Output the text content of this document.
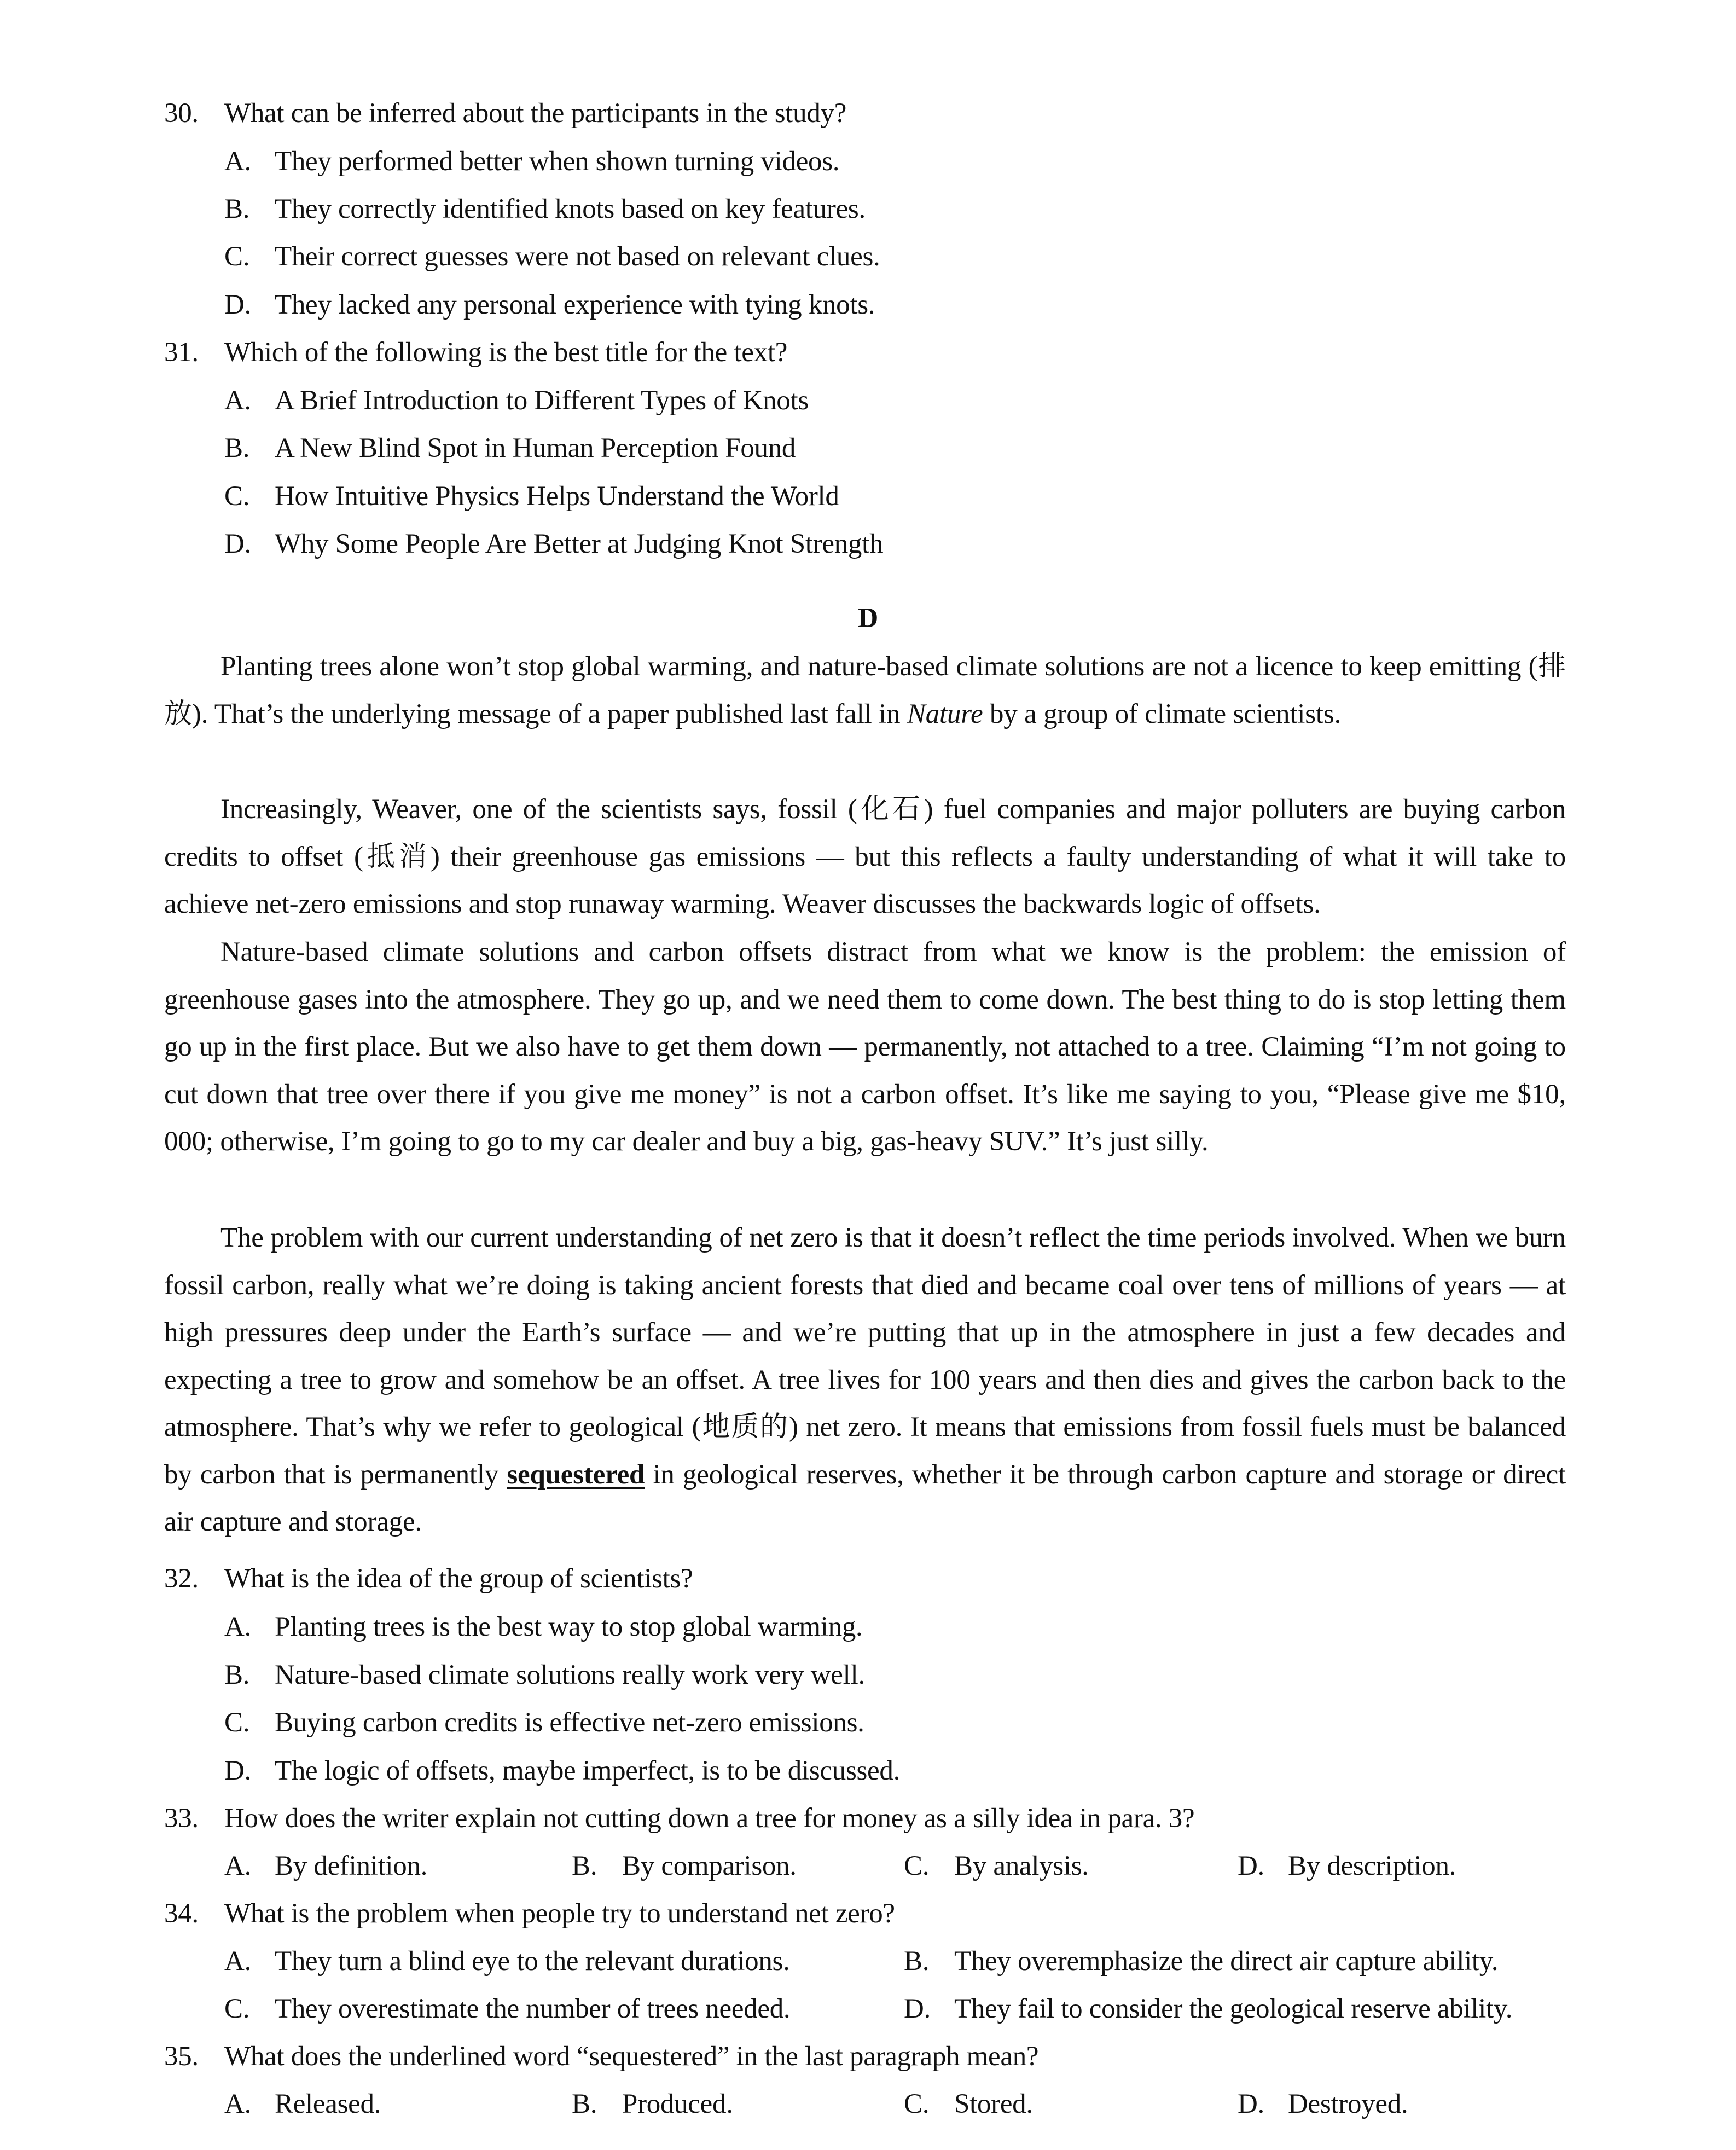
30. What can be inferred about the participants in the study?
A. They performed better when shown turning videos.
B. They correctly identified knots based on key features.
C. Their correct guesses were not based on relevant clues.
D. They lacked any personal experience with tying knots.
31. Which of the following is the best title for the text?
A. A Brief Introduction to Different Types of Knots
B. A New Blind Spot in Human Perception Found
C. How Intuitive Physics Helps Understand the World
D. Why Some People Are Better at Judging Knot Strength
D
Planting trees alone won’t stop global warming, and nature-based climate solutions are not a licence to keep emitting (排放). That’s the underlying message of a paper published last fall in Nature by a group of climate scientists.
Increasingly, Weaver, one of the scientists says, fossil (化石) fuel companies and major polluters are buying carbon credits to offset (抵消) their greenhouse gas emissions — but this reflects a faulty understanding of what it will take to achieve net-zero emissions and stop runaway warming. Weaver discusses the backwards logic of offsets.
Nature-based climate solutions and carbon offsets distract from what we know is the problem: the emission of greenhouse gases into the atmosphere. They go up, and we need them to come down. The best thing to do is stop letting them go up in the first place. But we also have to get them down — permanently, not attached to a tree. Claiming “I’m not going to cut down that tree over there if you give me money” is not a carbon offset. It’s like me saying to you, “Please give me $10, 000; otherwise, I’m going to go to my car dealer and buy a big, gas-heavy SUV.” It’s just silly.
The problem with our current understanding of net zero is that it doesn’t reflect the time periods involved. When we burn fossil carbon, really what we’re doing is taking ancient forests that died and became coal over tens of millions of years — at high pressures deep under the Earth’s surface — and we’re putting that up in the atmosphere in just a few decades and expecting a tree to grow and somehow be an offset. A tree lives for 100 years and then dies and gives the carbon back to the atmosphere. That’s why we refer to geological (地质的) net zero. It means that emissions from fossil fuels must be balanced by carbon that is permanently sequestered in geological reserves, whether it be through carbon capture and storage or direct air capture and storage.
32. What is the idea of the group of scientists?
A. Planting trees is the best way to stop global warming.
B. Nature-based climate solutions really work very well.
C. Buying carbon credits is effective net-zero emissions.
D. The logic of offsets, maybe imperfect, is to be discussed.
33. How does the writer explain not cutting down a tree for money as a silly idea in para. 3?
A. By definition.	B. By comparison.	C. By analysis.	D. By description.
34. What is the problem when people try to understand net zero?
A. They turn a blind eye to the relevant durations.	B. They overemphasize the direct air capture ability.
C. They overestimate the number of trees needed.	D. They fail to consider the geological reserve ability.
35. What does the underlined word “sequestered” in the last paragraph mean?
A. Released.	B. Produced.	C. Stored.	D. Destroyed.
